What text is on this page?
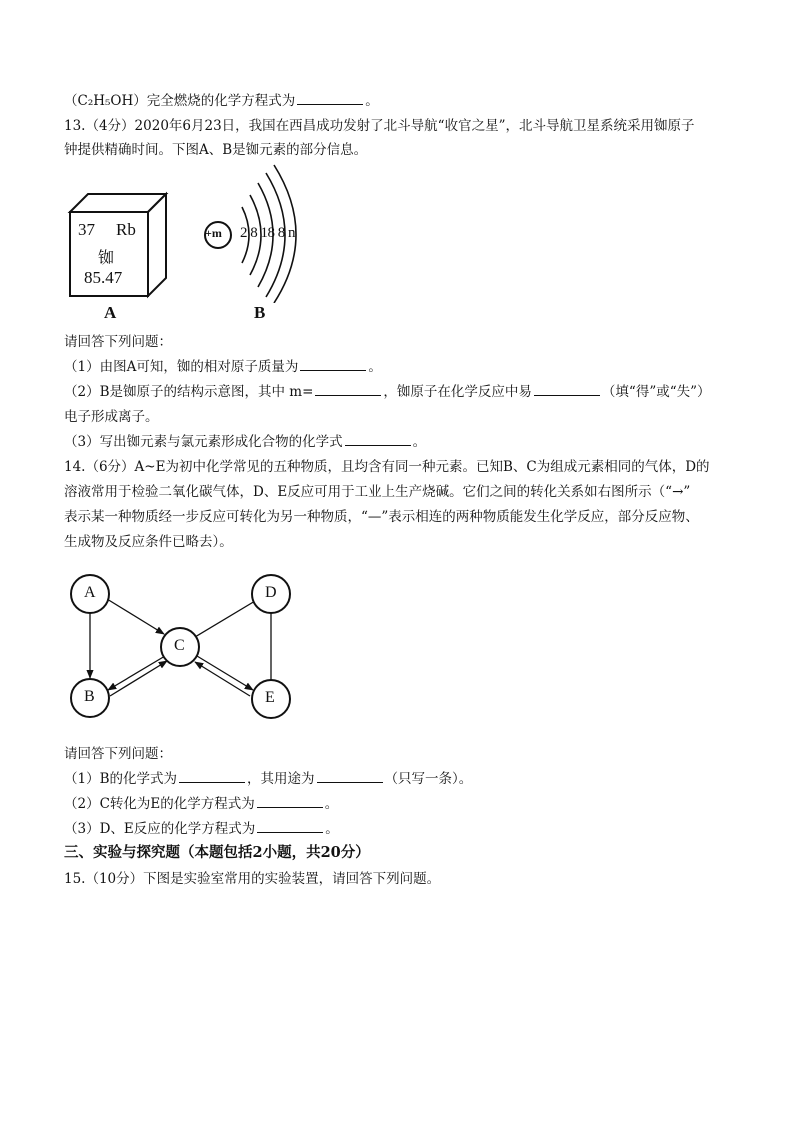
（C₂H₅OH）完全燃烧的化学方程式为	。
13.（4分）2020年6月23日，我国在西昌成功发射了北斗导航“收官之星”，北斗导航卫星系统采用铷原子
钟提供精确时间。下图A、B是铷元素的部分信息。
37 Rb
铷
85.47
A
+m 2 8 18 8 n
B
请回答下列问题：
（1）由图A可知，铷的相对原子质量为	。
（2）B是铷原子的结构示意图，其中 m=	，铷原子在化学反应中易	（填“得”或“失”）
电子形成离子。
（3）写出铷元素与氯元素形成化合物的化学式	。
14.（6分）A~E为初中化学常见的五种物质，且均含有同一种元素。已知B、C为组成元素相同的气体，D的
溶液常用于检验二氧化碳气体，D、E反应可用于工业上生产烧碱。它们之间的转化关系如右图所示（“→”
表示某一种物质经一步反应可转化为另一种物质，“—”表示相连的两种物质能发生化学反应，部分反应物、
生成物及反应条件已略去）。
A
C
D
B	E
请回答下列问题：
（1）B的化学式为	，其用途为	（只写一条）。
（2）C转化为E的化学方程式为	。
（3）D、E反应的化学方程式为	。
三、实验与探究题（本题包括2小题，共20分）
15.（10分）下图是实验室常用的实验装置，请回答下列问题。
